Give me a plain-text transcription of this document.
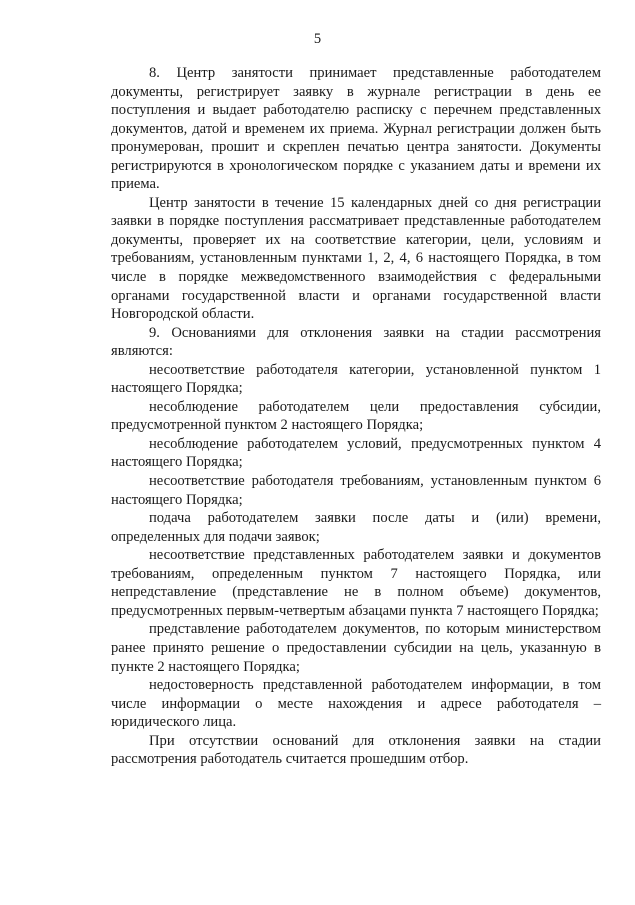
5

8. Центр занятости принимает представленные работодателем документы, регистрирует заявку в журнале регистрации в день ее поступления и выдает работодателю расписку с перечнем представленных документов, датой и временем их приема. Журнал регистрации должен быть пронумерован, прошит и скреплен печатью центра занятости. Документы регистрируются в хронологическом порядке с указанием даты и времени их приема.

Центр занятости в течение 15 календарных дней со дня регистрации заявки в порядке поступления рассматривает представленные работодателем документы, проверяет их на соответствие категории, цели, условиям и требованиям, установленным пунктами 1, 2, 4, 6 настоящего Порядка, в том числе в порядке межведомственного взаимодействия с федеральными органами государственной власти и органами государственной власти Новгородской области.

9. Основаниями для отклонения заявки на стадии рассмотрения являются:

несоответствие работодателя категории, установленной пунктом 1 настоящего Порядка;

несоблюдение работодателем цели предоставления субсидии, предусмотренной пунктом 2 настоящего Порядка;

несоблюдение работодателем условий, предусмотренных пунктом 4 настоящего Порядка;

несоответствие работодателя требованиям, установленным пунктом 6 настоящего Порядка;

подача работодателем заявки после даты и (или) времени, определенных для подачи заявок;

несоответствие представленных работодателем заявки и документов требованиям, определенным пунктом 7 настоящего Порядка, или непредставление (представление не в полном объеме) документов, предусмотренных первым-четвертым абзацами пункта 7 настоящего Порядка;

представление работодателем документов, по которым министерством ранее принято решение о предоставлении субсидии на цель, указанную в пункте 2 настоящего Порядка;

недостоверность представленной работодателем информации, в том числе информации о месте нахождения и адресе работодателя – юридического лица.

При отсутствии оснований для отклонения заявки на стадии рассмотрения работодатель считается прошедшим отбор.
